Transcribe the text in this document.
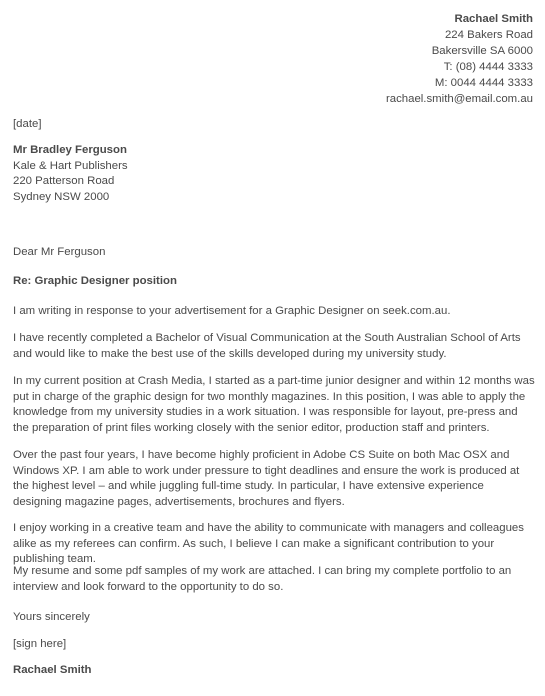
Rachael Smith
224 Bakers Road
Bakersville SA 6000
T: (08) 4444 3333
M: 0044 4444 3333
rachael.smith@email.com.au
[date]
Mr Bradley Ferguson
Kale & Hart Publishers
220 Patterson Road
Sydney NSW 2000

Dear Mr Ferguson

Re: Graphic Designer position

I am writing in response to your advertisement for a Graphic Designer on seek.com.au.

I have recently completed a Bachelor of Visual Communication at the South Australian School of Arts and would like to make the best use of the skills developed during my university study.

In my current position at Crash Media, I started as a part-time junior designer and within 12 months was put in charge of the graphic design for two monthly magazines. In this position, I was able to apply the knowledge from my university studies in a work situation. I was responsible for layout, pre-press and the preparation of print files working closely with the senior editor, production staff and printers.

Over the past four years, I have become highly proficient in Adobe CS Suite on both Mac OSX and Windows XP. I am able to work under pressure to tight deadlines and ensure the work is produced at the highest level – and while juggling full-time study. In particular, I have extensive experience designing magazine pages, advertisements, brochures and flyers.

I enjoy working in a creative team and have the ability to communicate with managers and colleagues alike as my referees can confirm. As such, I believe I can make a significant contribution to your publishing team.

My resume and some pdf samples of my work are attached. I can bring my complete portfolio to an interview and look forward to the opportunity to do so.

Yours sincerely

[sign here]

Rachael Smith
